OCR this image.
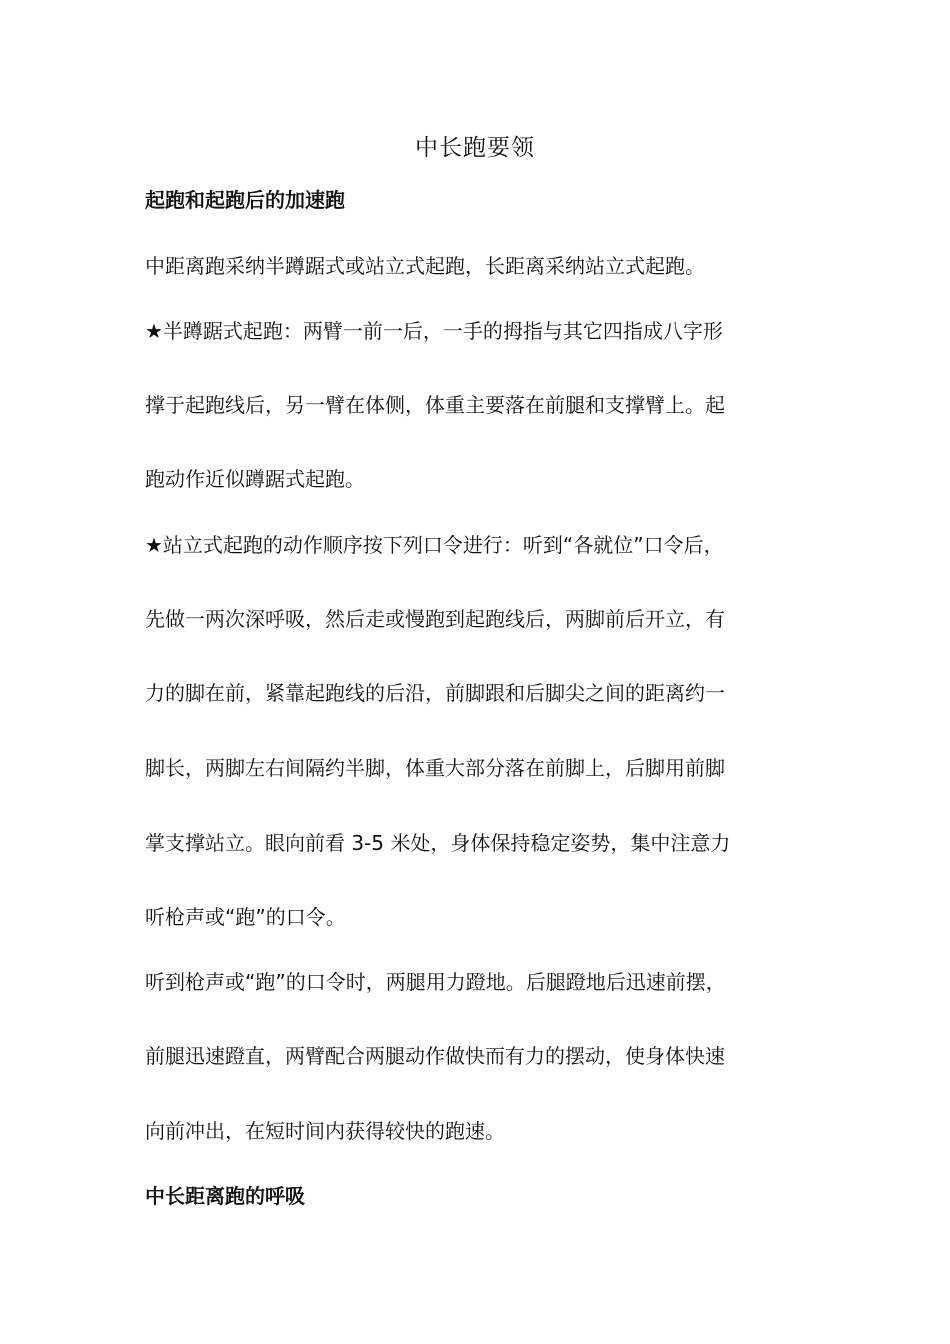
中长跑要领
起跑和起跑后的加速跑

中距离跑采纳半蹲踞式或站立式起跑，长距离采纳站立式起跑。

★半蹲踞式起跑：两臂一前一后，一手的拇指与其它四指成八字形

撑于起跑线后，另一臂在体侧，体重主要落在前腿和支撑臂上。起

跑动作近似蹲踞式起跑。

★站立式起跑的动作顺序按下列口令进行：听到“各就位”口令后，

先做一两次深呼吸，然后走或慢跑到起跑线后，两脚前后开立，有

力的脚在前，紧靠起跑线的后沿，前脚跟和后脚尖之间的距离约一

脚长，两脚左右间隔约半脚，体重大部分落在前脚上，后脚用前脚

掌支撑站立。眼向前看 3-5 米处，身体保持稳定姿势，集中注意力

听枪声或“跑”的口令。

听到枪声或“跑”的口令时，两腿用力蹬地。后腿蹬地后迅速前摆，

前腿迅速蹬直，两臂配合两腿动作做快而有力的摆动，使身体快速

向前冲出，在短时间内获得较快的跑速。

中长距离跑的呼吸
